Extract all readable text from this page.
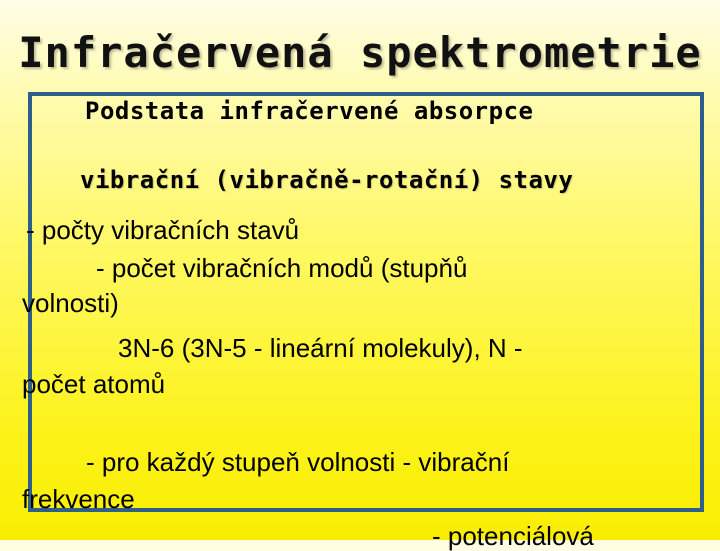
Infračervená spektrometrie
Podstata infračervené absorpce
vibrační (vibračně-rotační) stavy
- počty vibračních stavů
- počet vibračních modů (stupňů
volnosti)
3N-6 (3N-5 - lineární molekuly), N -
počet atomů
- pro každý stupeň volnosti - vibrační
frekvence
- potenciálová
